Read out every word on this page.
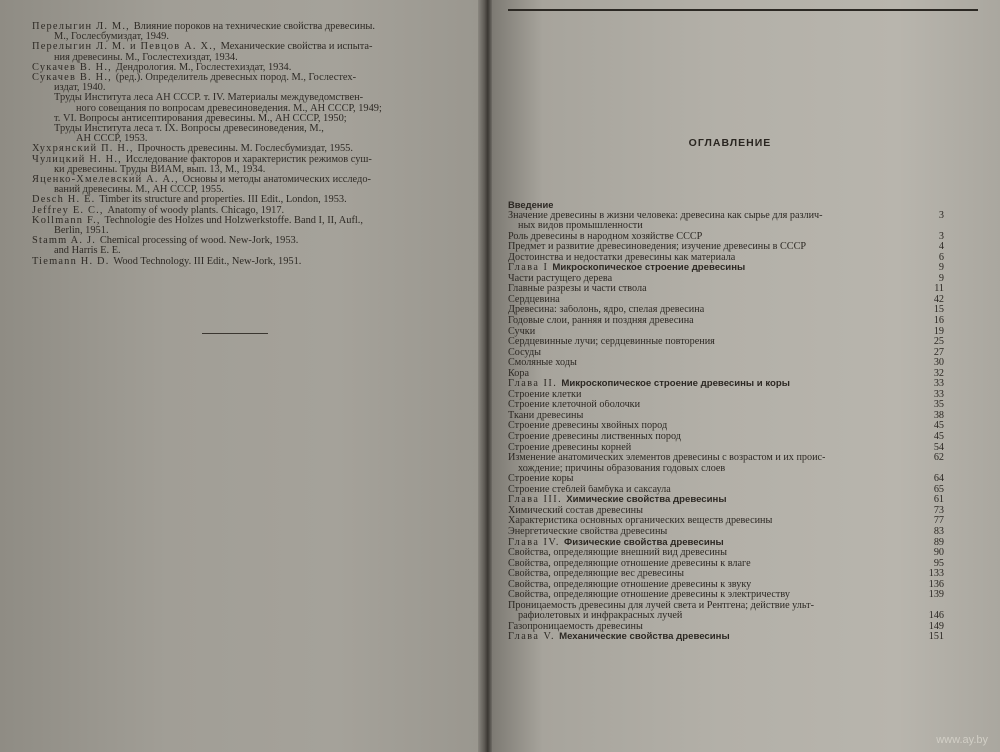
Перелыгин Л. М., Влияние пороков на технические свойства древесины.
М., Гослесбумиздат, 1949.
Перелыгин Л. М. и Певцов А. Х., Механические свойства и испыта-
ния древесины. М., Гослестехиздат, 1934.
Сукачев В. Н., Дендрология. М., Гослестехиздат, 1934.
Сукачев В. Н., (ред.). Определитель древесных пород. М., Гослестех-
издат, 1940.
Труды Института леса АН СССР. т. IV. Материалы междуведомствен-
ного совещания по вопросам древесиноведения. М., АН СССР, 1949;
т. VI. Вопросы антисептирования древесины. М., АН СССР, 1950;
Труды Института леса т. IX. Вопросы древесиноведения, М.,
АН СССР, 1953.
Хухрянский П. Н., Прочность древесины. М. Гослесбумиздат, 1955.
Чулицкий Н. Н., Исследование факторов и характеристик режимов суш-
ки древесины. Труды ВИАМ, вып. 13, М., 1934.
Яценко-Хмелевский А. А., Основы и методы анатомических исследо-
ваний древесины. М., АН СССР, 1955.
Desch H. E. Timber its structure and properties. III Edit., London, 1953.
Jeffrey E. C., Anatomy of woody plants. Chicago, 1917.
Kollmann F., Technologie des Holzes und Holzwerkstoffe. Band I, II, Aufl.,
Berlin, 1951.
Stamm A. J. Chemical processing of wood. New-Jork, 1953.
and Harris E. E.
Tiemann H. D. Wood Technology. III Edit., New-Jork, 1951.
ОГЛАВЛЕНИЕ
Введение
Значение древесины в жизни человека: древесина как сырье для различ-	3
ных видов промышленности
Роль древесины в народном хозяйстве СССР	3
Предмет и развитие древесиноведения; изучение древесины в СССР	4
Достоинства и недостатки древесины как материала	6
Глава I Микроскопическое строение древесины	9
Части растущего дерева	9
Главные разрезы и части ствола	11
Сердцевина	42
Древесина: заболонь, ядро, спелая древесина	15
Годовые слои, ранняя и поздняя древесина	16
Сучки	19
Сердцевинные лучи; сердцевинные повторения	25
Сосуды	27
Смоляные ходы	30
Кора	32
Глава II. Микроскопическое строение древесины и коры	33
Строение клетки	33
Строение клеточной оболочки	35
Ткани древесины	38
Строение древесины хвойных пород	45
Строение древесины лиственных пород	45
Строение древесины корней	54
Изменение анатомических элементов древесины с возрастом и их проис-	62
хождение; причины образования годовых слоев
Строение коры	64
Строение стеблей бамбука и саксаула	65
Глава III. Химические свойства древесины	61
Химический состав древесины	73
Характеристика основных органических веществ древесины	77
Энергетические свойства древесины	83
Глава IV. Физические свойства древесины	89
Свойства, определяющие внешний вид древесины	90
Свойства, определяющие отношение древесины к влаге	95
Свойства, определяющие вес древесины	133
Свойства, определяющие отношение древесины к звуку	136
Свойства, определяющие отношение древесины к электричеству	139
Проницаемость древесины для лучей света и Рентгена; действие ульт-
рафиолетовых и инфракрасных лучей	146
Газопроницаемость древесины	149
Глава V. Механические свойства древесины	151
www.ay.by
